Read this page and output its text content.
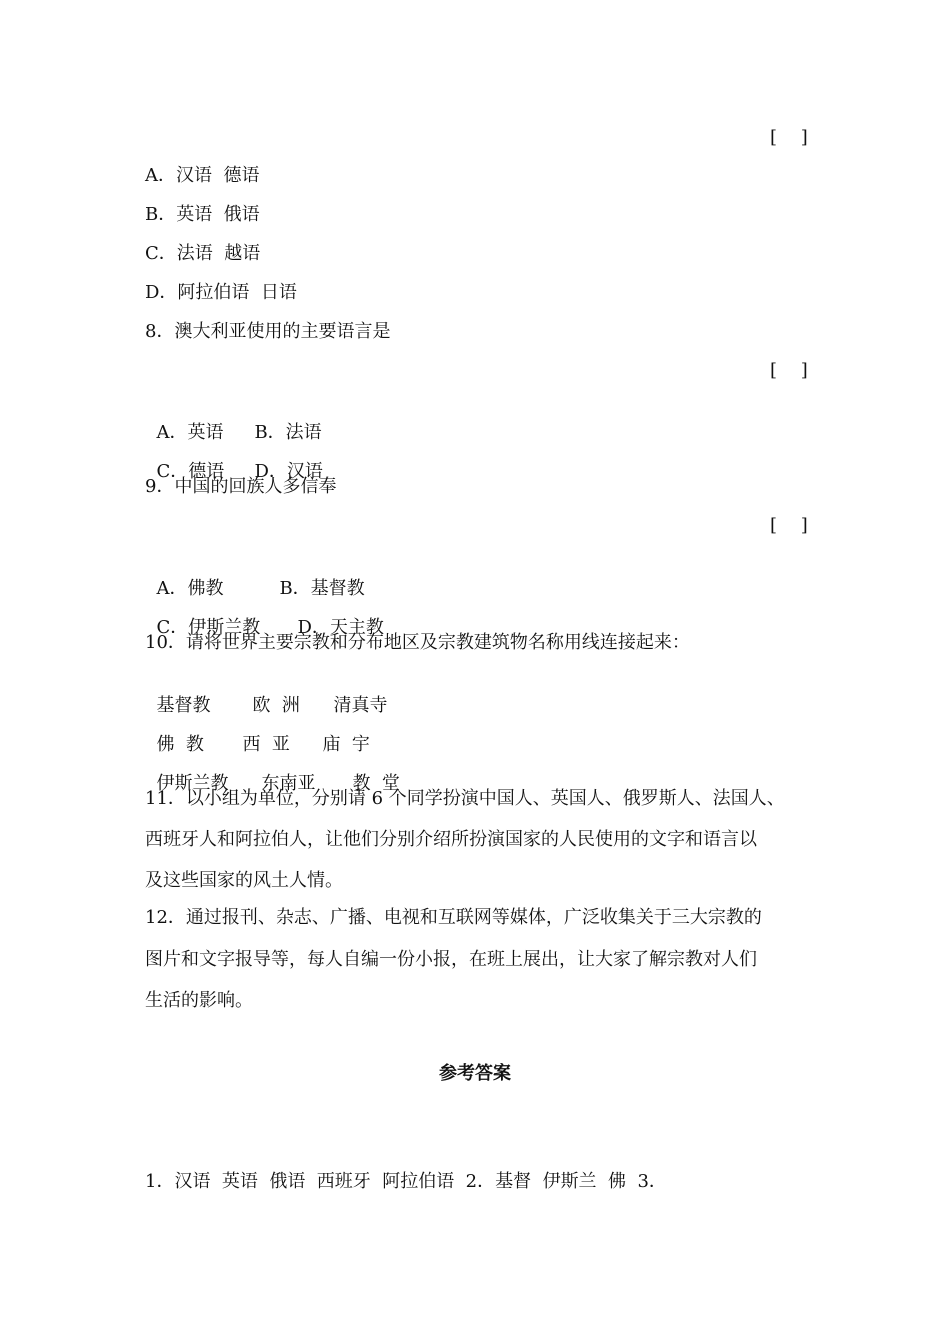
[　 ]
A．汉语  德语
B．英语  俄语
C．法语  越语
D．阿拉伯语  日语
8．澳大利亚使用的主要语言是
[　 ]

A．英语 B．法语

C．德语 D．汉语

9．中国的回族人多信奉
[　 ]

A．佛教	B．基督教

C．伊斯兰教 D．天主教

10．请将世界主要宗教和分布地区及宗教建筑物名称用线连接起来：

基督教 欧  洲 清真寺

佛  教 西  亚 庙  宇

伊斯兰教 东南亚 教  堂

11．以小组为单位，分别请 6 个同学扮演中国人、英国人、俄罗斯人、法国人、
西班牙人和阿拉伯人，让他们分别介绍所扮演国家的人民使用的文字和语言以
及这些国家的风土人情。
12．通过报刊、杂志、广播、电视和互联网等媒体，广泛收集关于三大宗教的
图片和文字报导等，每人自编一份小报，在班上展出，让大家了解宗教对人们
生活的影响。
参考答案
1．汉语  英语  俄语  西班牙  阿拉伯语  2．基督  伊斯兰  佛  3．
